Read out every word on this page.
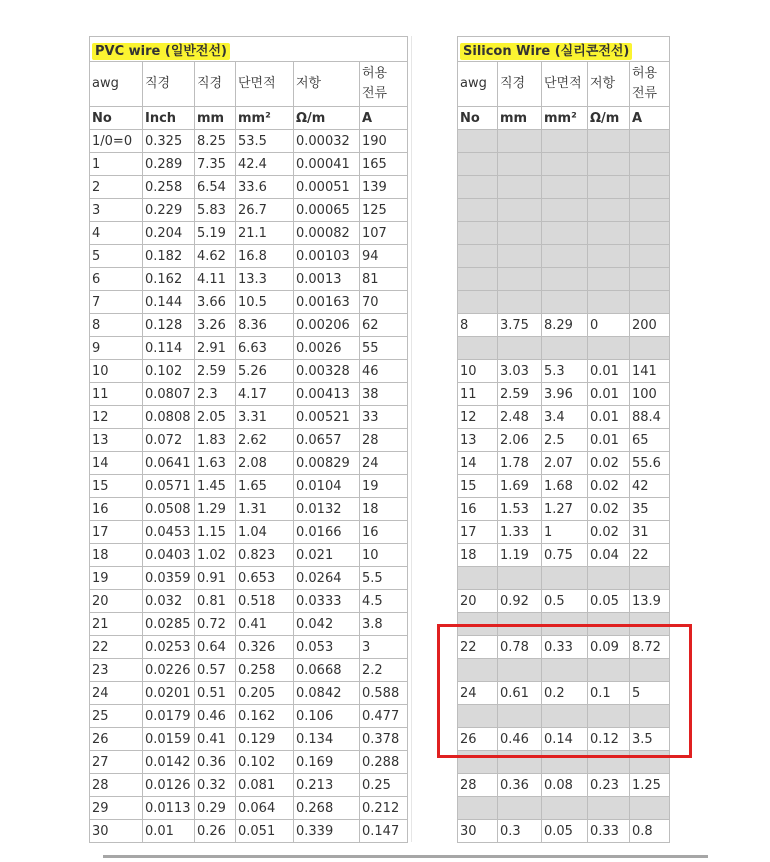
PVC wire (일반전선)					
awg	직경	직경	단면적	저항	허용
전류
No	Inch	mm	mm²	Ω/m	A
1/0=0	0.325	8.25	53.5	0.00032	190
1	0.289	7.35	42.4	0.00041	165
2	0.258	6.54	33.6	0.00051	139
3	0.229	5.83	26.7	0.00065	125
4	0.204	5.19	21.1	0.00082	107
5	0.182	4.62	16.8	0.00103	94
6	0.162	4.11	13.3	0.0013	81
7	0.144	3.66	10.5	0.00163	70
8	0.128	3.26	8.36	0.00206	62
9	0.114	2.91	6.63	0.0026	55
10	0.102	2.59	5.26	0.00328	46
11	0.0807	2.3	4.17	0.00413	38
12	0.0808	2.05	3.31	0.00521	33
13	0.072	1.83	2.62	0.0657	28
14	0.0641	1.63	2.08	0.00829	24
15	0.0571	1.45	1.65	0.0104	19
16	0.0508	1.29	1.31	0.0132	18
17	0.0453	1.15	1.04	0.0166	16
18	0.0403	1.02	0.823	0.021	10
19	0.0359	0.91	0.653	0.0264	5.5
20	0.032	0.81	0.518	0.0333	4.5
21	0.0285	0.72	0.41	0.042	3.8
22	0.0253	0.64	0.326	0.053	3
23	0.0226	0.57	0.258	0.0668	2.2
24	0.0201	0.51	0.205	0.0842	0.588
25	0.0179	0.46	0.162	0.106	0.477
26	0.0159	0.41	0.129	0.134	0.378
27	0.0142	0.36	0.102	0.169	0.288
28	0.0126	0.32	0.081	0.213	0.25
29	0.0113	0.29	0.064	0.268	0.212
30	0.01	0.26	0.051	0.339	0.147
Silicon Wire (실리콘전선)				
awg	직경	단면적	저항	허용
전류
No	mm	mm²	Ω/m	A

8	3.75	8.29	0	200

10	3.03	5.3	0.01	141
11	2.59	3.96	0.01	100
12	2.48	3.4	0.01	88.4
13	2.06	2.5	0.01	65
14	1.78	2.07	0.02	55.6
15	1.69	1.68	0.02	42
16	1.53	1.27	0.02	35
17	1.33	1	0.02	31
18	1.19	0.75	0.04	22

20	0.92	0.5	0.05	13.9

22	0.78	0.33	0.09	8.72

24	0.61	0.2	0.1	5

26	0.46	0.14	0.12	3.5

28	0.36	0.08	0.23	1.25

30	0.3	0.05	0.33	0.8
